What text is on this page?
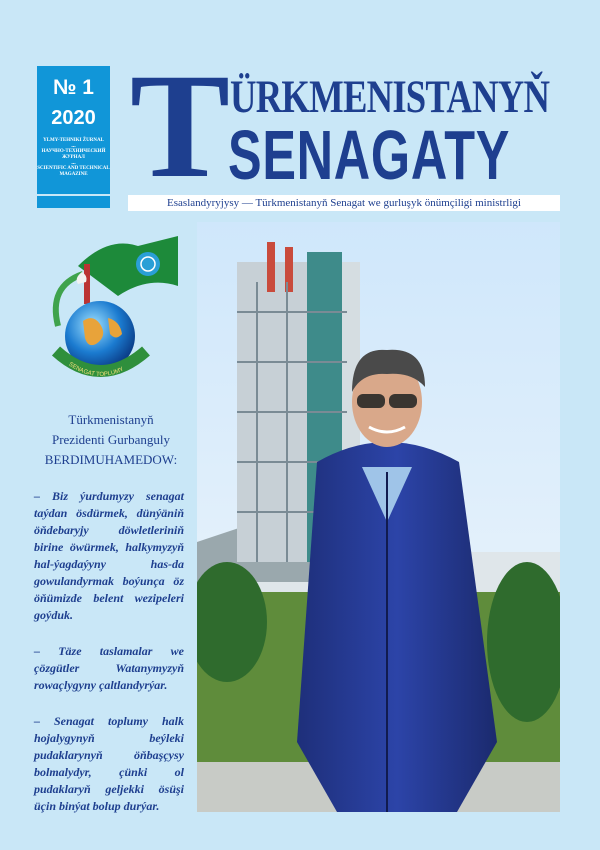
№ 1
2020
YLMY-TEHNIKI ŽURNAL
•••
НАУЧНО-ТЕХНИЧЕСКИЙ ЖУРНАЛ
•••
SCIENTIFIC AND TECHNICAL MAGAZINE T ÜRKMENISTANYŇ
SENAGATY
Esaslandyryjysy — Türkmenistanyň Senagat we gurluşyk önümçiligi ministrligi
SENAGAT TOPLUMY
Türkmenistanyň
Prezidenti Gurbanguly
BERDIMUHAMEDOW:

– Biz ýurdumyzy senagat taýdan ösdürmek, dünýäniň öňdebaryjy döwletleriniň birine öwürmek, halkymyzyň hal-ýagdaýyny has-da gowulandyrmak boýunça öz öňümizde belent wezipeleri goýduk.

– Täze taslamalar we çözgütler Watanymyzyň rowaçlygyny çaltlandyrýar.

– Senagat toplumy halk hojalygynyň beýleki pudaklarynyň öňbaşçysy bolmalydyr, çünki ol pudaklaryň geljekki ösüşi üçin binýat bolup durýar.
